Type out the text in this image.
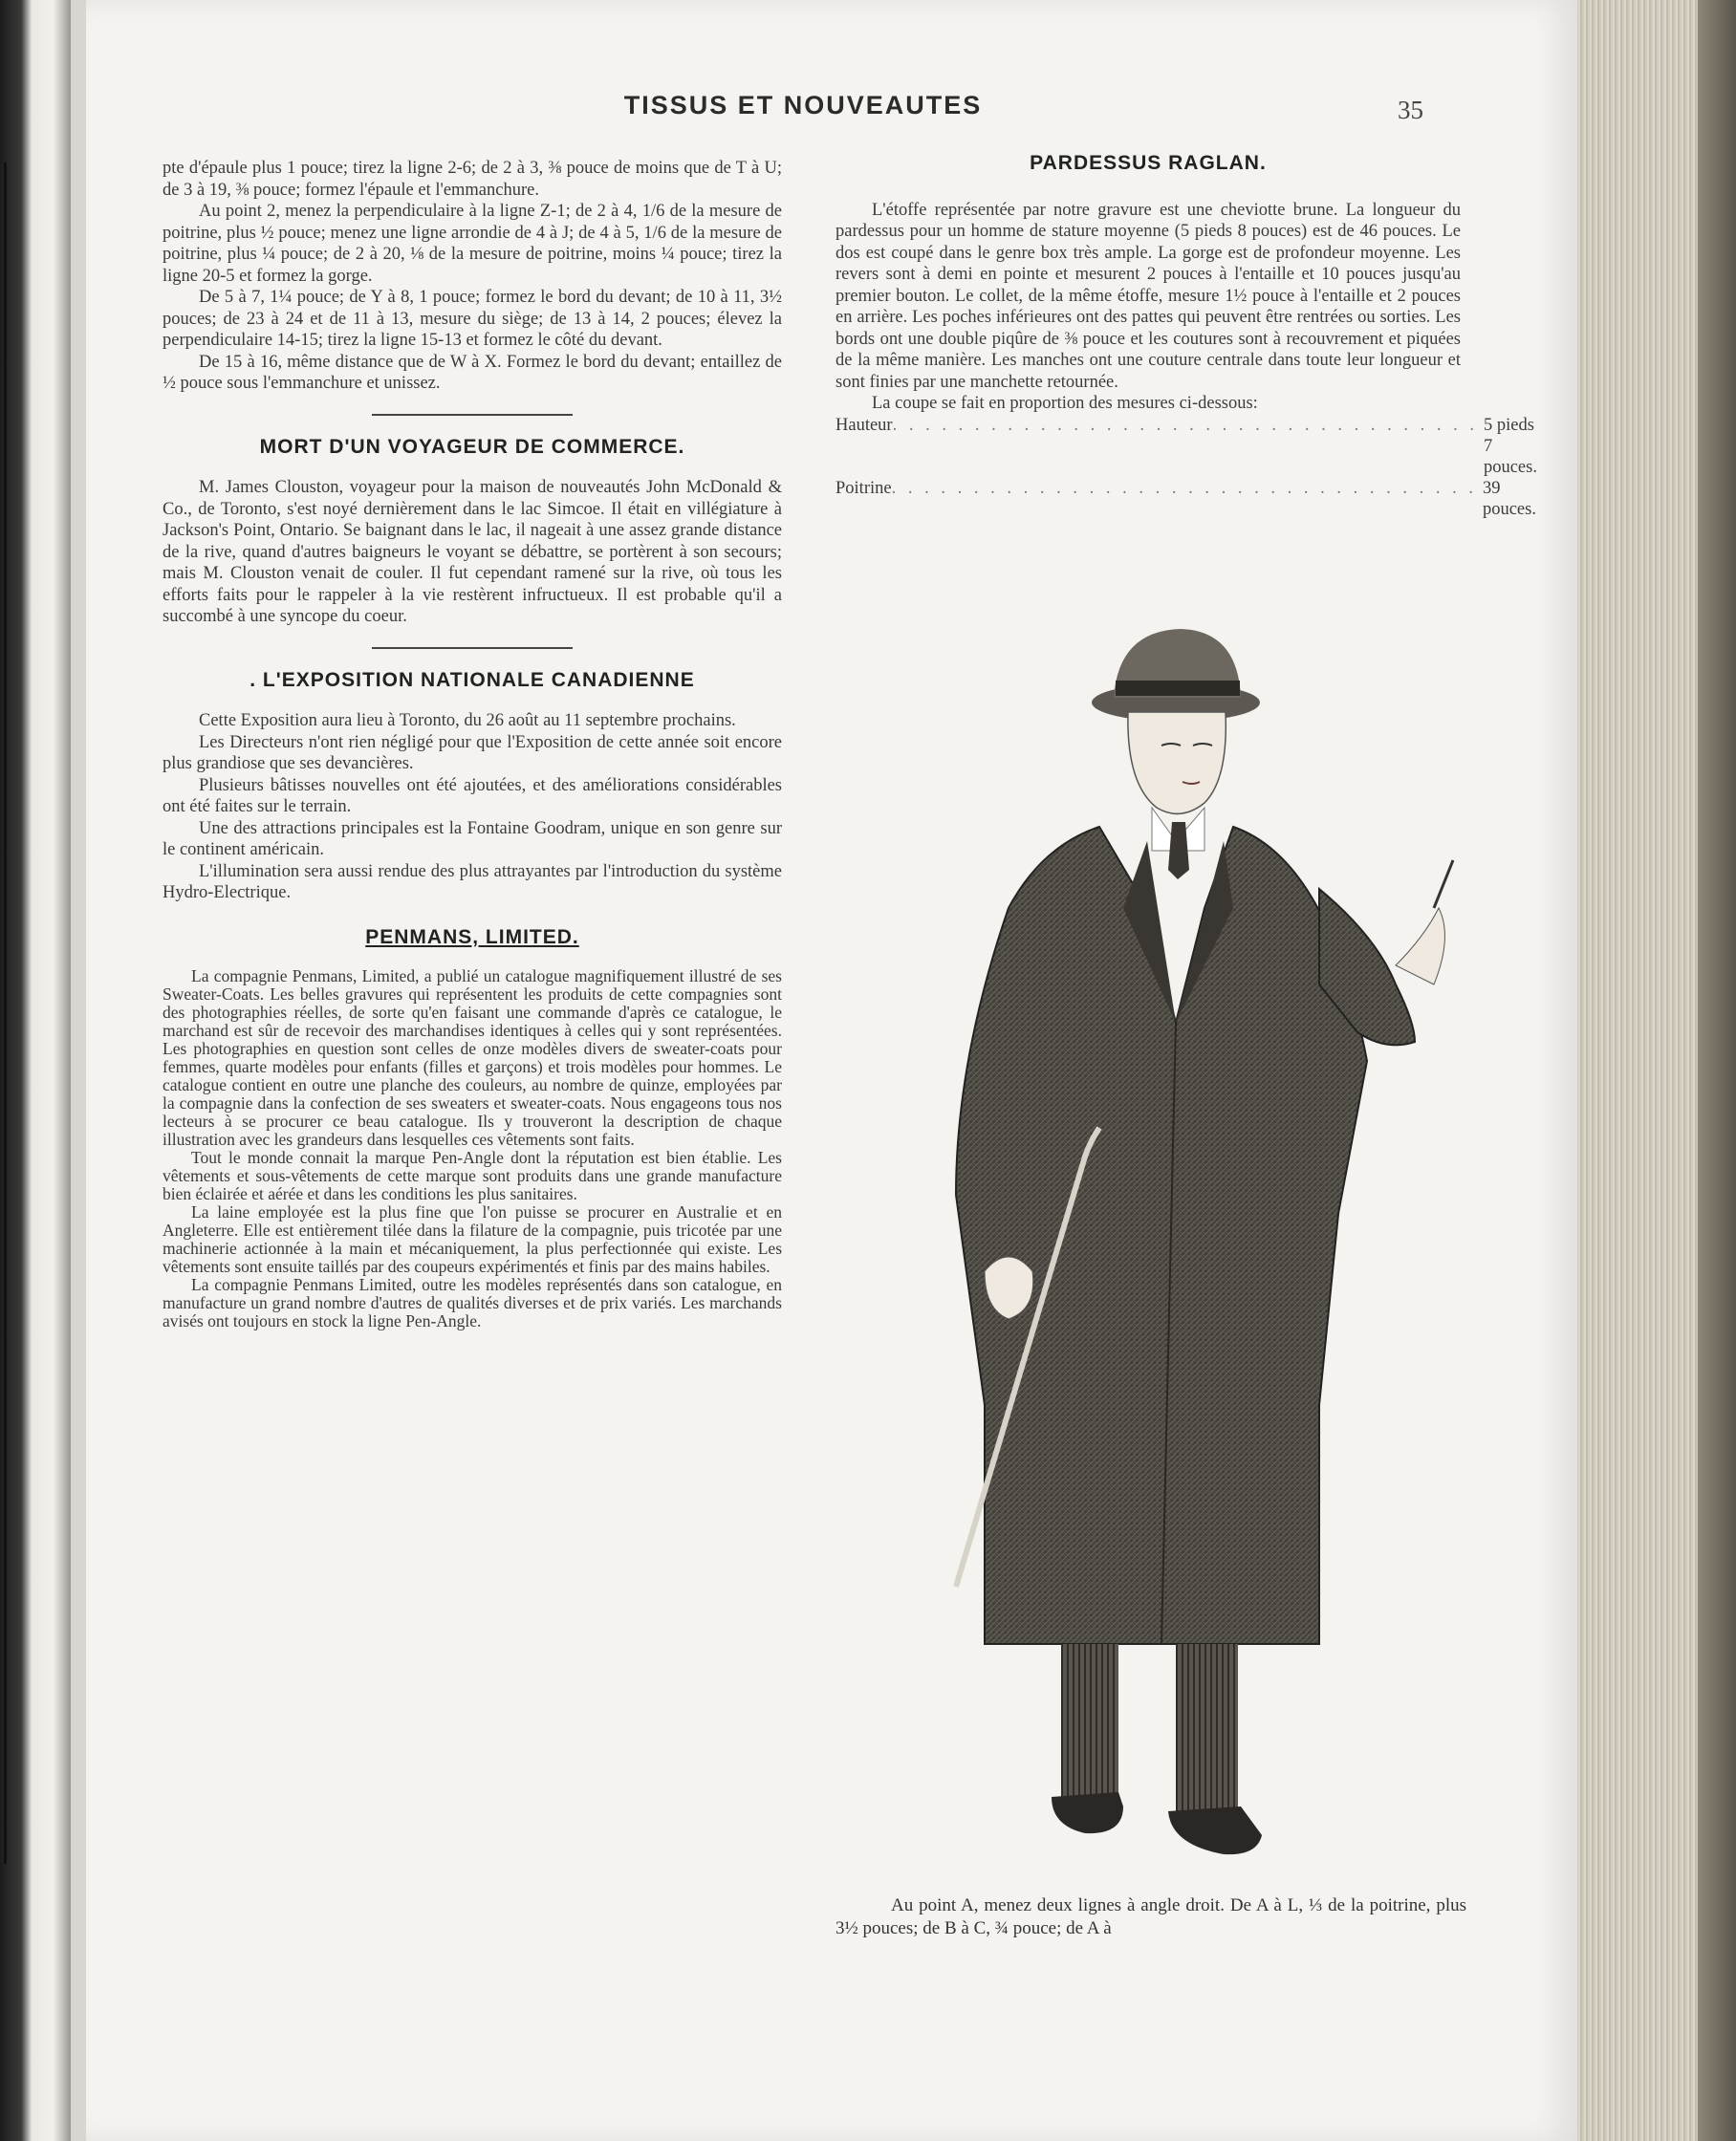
TISSUS ET NOUVEAUTES	35

pte d'épaule plus 1 pouce; tirez la ligne 2-6; de 2 à 3, ⅜ pouce de moins que de T à U; de 3 à 19, ⅜ pouce; formez l'épaule et l'emmanchure.

Au point 2, menez la perpendiculaire à la ligne Z-1; de 2 à 4, 1/6 de la mesure de poitrine, plus ½ pouce; menez une ligne arrondie de 4 à J; de 4 à 5, 1/6 de la mesure de poitrine, plus ¼ pouce; de 2 à 20, ⅛ de la mesure de poitrine, moins ¼ pouce; tirez la ligne 20-5 et formez la gorge.

De 5 à 7, 1¼ pouce; de Y à 8, 1 pouce; formez le bord du devant; de 10 à 11, 3½ pouces; de 23 à 24 et de 11 à 13, mesure du siège; de 13 à 14, 2 pouces; élevez la perpendiculaire 14-15; tirez la ligne 15-13 et formez le côté du devant.

De 15 à 16, même distance que de W à X. Formez le bord du devant; entaillez de ½ pouce sous l'emmanchure et unissez.

MORT D'UN VOYAGEUR DE COMMERCE.

M. James Clouston, voyageur pour la maison de nouveautés John McDonald & Co., de Toronto, s'est noyé dernièrement dans le lac Simcoe. Il était en villégiature à Jackson's Point, Ontario. Se baignant dans le lac, il nageait à une assez grande distance de la rive, quand d'autres baigneurs le voyant se débattre, se portèrent à son secours; mais M. Clouston venait de couler. Il fut cependant ramené sur la rive, où tous les efforts faits pour le rappeler à la vie restèrent infructueux. Il est probable qu'il a succombé à une syncope du coeur.

. L'EXPOSITION NATIONALE CANADIENNE

Cette Exposition aura lieu à Toronto, du 26 août au 11 septembre prochains.

Les Directeurs n'ont rien négligé pour que l'Exposition de cette année soit encore plus grandiose que ses devancières.

Plusieurs bâtisses nouvelles ont été ajoutées, et des améliorations considérables ont été faites sur le terrain.

Une des attractions principales est la Fontaine Goodram, unique en son genre sur le continent américain.

L'illumination sera aussi rendue des plus attrayantes par l'introduction du système Hydro-Electrique.

PENMANS, LIMITED.

La compagnie Penmans, Limited, a publié un catalogue magnifiquement illustré de ses Sweater-Coats. Les belles gravures qui représentent les produits de cette compagnies sont des photographies réelles, de sorte qu'en faisant une commande d'après ce catalogue, le marchand est sûr de recevoir des marchandises identiques à celles qui y sont représentées. Les photographies en question sont celles de onze modèles divers de sweater-coats pour femmes, quarte modèles pour enfants (filles et garçons) et trois modèles pour hommes. Le catalogue contient en outre une planche des couleurs, au nombre de quinze, employées par la compagnie dans la confection de ses sweaters et sweater-coats. Nous engageons tous nos lecteurs à se procurer ce beau catalogue. Ils y trouveront la description de chaque illustration avec les grandeurs dans lesquelles ces vêtements sont faits.

Tout le monde connait la marque Pen-Angle dont la réputation est bien établie. Les vêtements et sous-vêtements de cette marque sont produits dans une grande manufacture bien éclairée et aérée et dans les conditions les plus sanitaires.

La laine employée est la plus fine que l'on puisse se procurer en Australie et en Angleterre. Elle est entièrement tilée dans la filature de la compagnie, puis tricotée par une machinerie actionnée à la main et mécaniquement, la plus perfectionnée qui existe. Les vêtements sont ensuite taillés par des coupeurs expérimentés et finis par des mains habiles.

La compagnie Penmans Limited, outre les modèles représentés dans son catalogue, en manufacture un grand nombre d'autres de qualités diverses et de prix variés. Les marchands avisés ont toujours en stock la ligne Pen-Angle.

PARDESSUS RAGLAN.

L'étoffe représentée par notre gravure est une cheviotte brune. La longueur du pardessus pour un homme de stature moyenne (5 pieds 8 pouces) est de 46 pouces. Le dos est coupé dans le genre box très ample. La gorge est de profondeur moyenne. Les revers sont à demi en pointe et mesurent 2 pouces à l'entaille et 10 pouces jusqu'au premier bouton. Le collet, de la même étoffe, mesure 1½ pouce à l'entaille et 2 pouces en arrière. Les poches inférieures ont des pattes qui peuvent être rentrées ou sorties. Les bords ont une double piqûre de ⅜ pouce et les coutures sont à recouvrement et piquées de la même manière. Les manches ont une couture centrale dans toute leur longueur et sont finies par une manchette retournée.

La coupe se fait en proportion des mesures ci-dessous:

Hauteur . . . . . . . . . . . . . . . . . . . . . . . . . . . . . . . . . . . . 5 pieds 7 pouces.
Poitrine . . . . . . . . . . . . . . . . . . . . . . . . . . . . . . . . . . . . 39 pouces.

Au point A, menez deux lignes à angle droit. De A à L, ⅓ de la poitrine, plus 3½ pouces; de B à C, ¾ pouce; de A à
